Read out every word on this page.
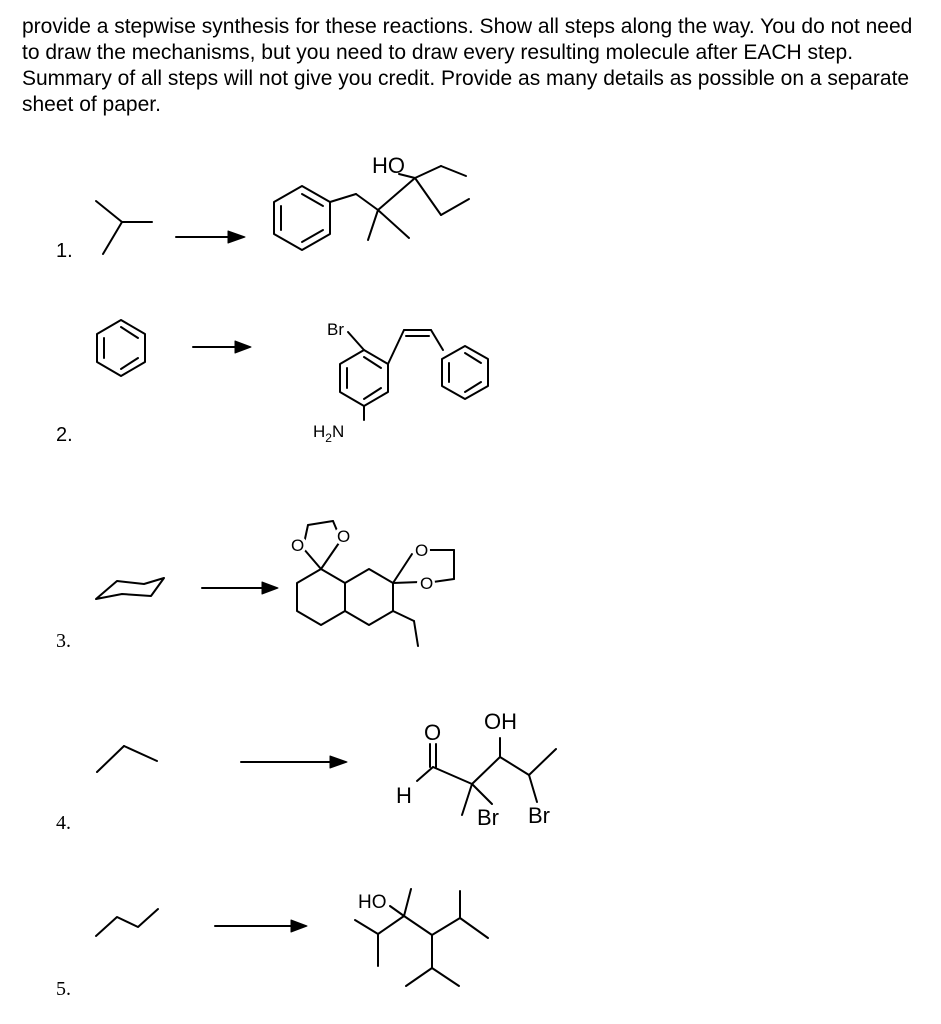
provide a stepwise synthesis for these reactions. Show all steps along the way. You do not need to draw the mechanisms, but you need to draw every resulting molecule after EACH step. Summary of all steps will not give you credit. Provide as many details as possible on a separate sheet of paper.
1.
2.
3.
4.
5.
HO
Br
$H_2N$
O O
O
O
O
H
OH
Br Br
HO
